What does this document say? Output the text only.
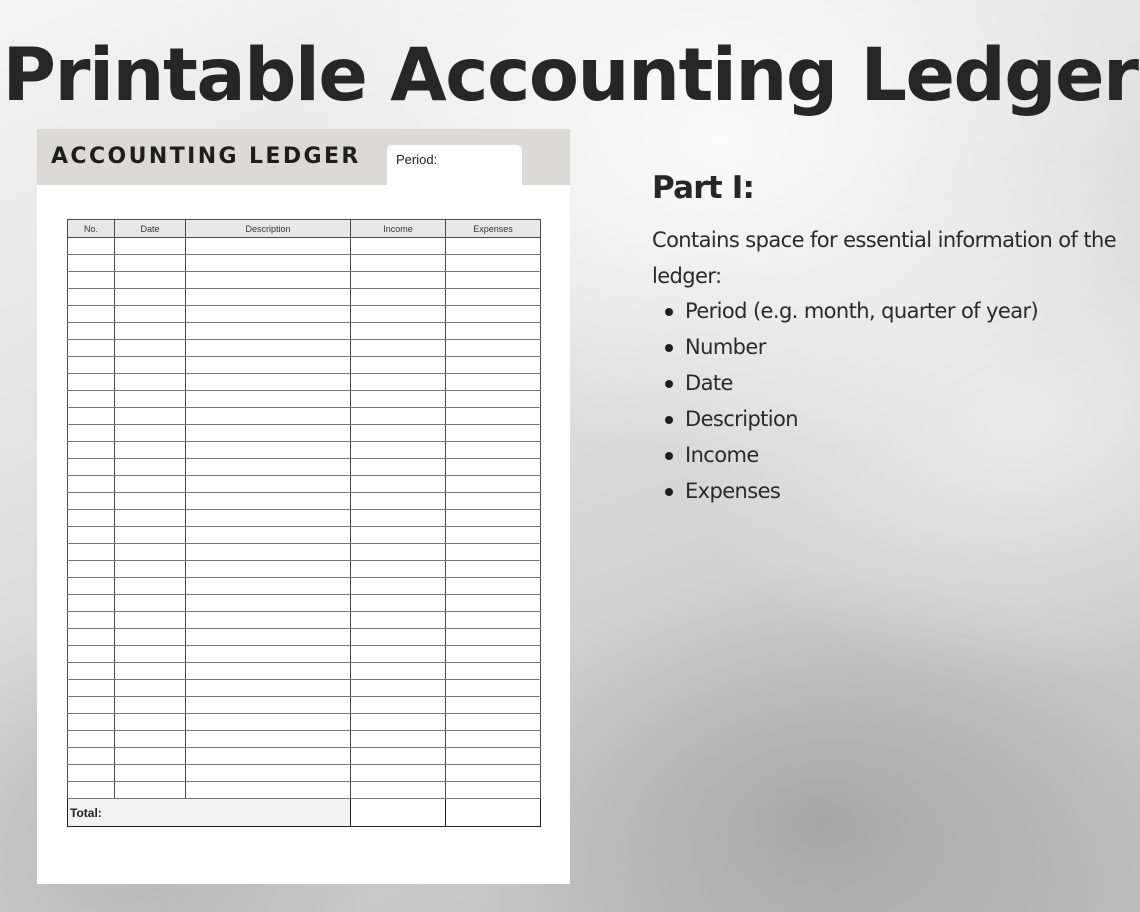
Printable Accounting Ledger
ACCOUNTING LEDGER	Period:
No.	Date	Description	Income	Expenses

Total:				
Part I:
Contains space for essential information of the ledger:
Period (e.g. month, quarter of year)
Number
Date
Description
Income
Expenses
